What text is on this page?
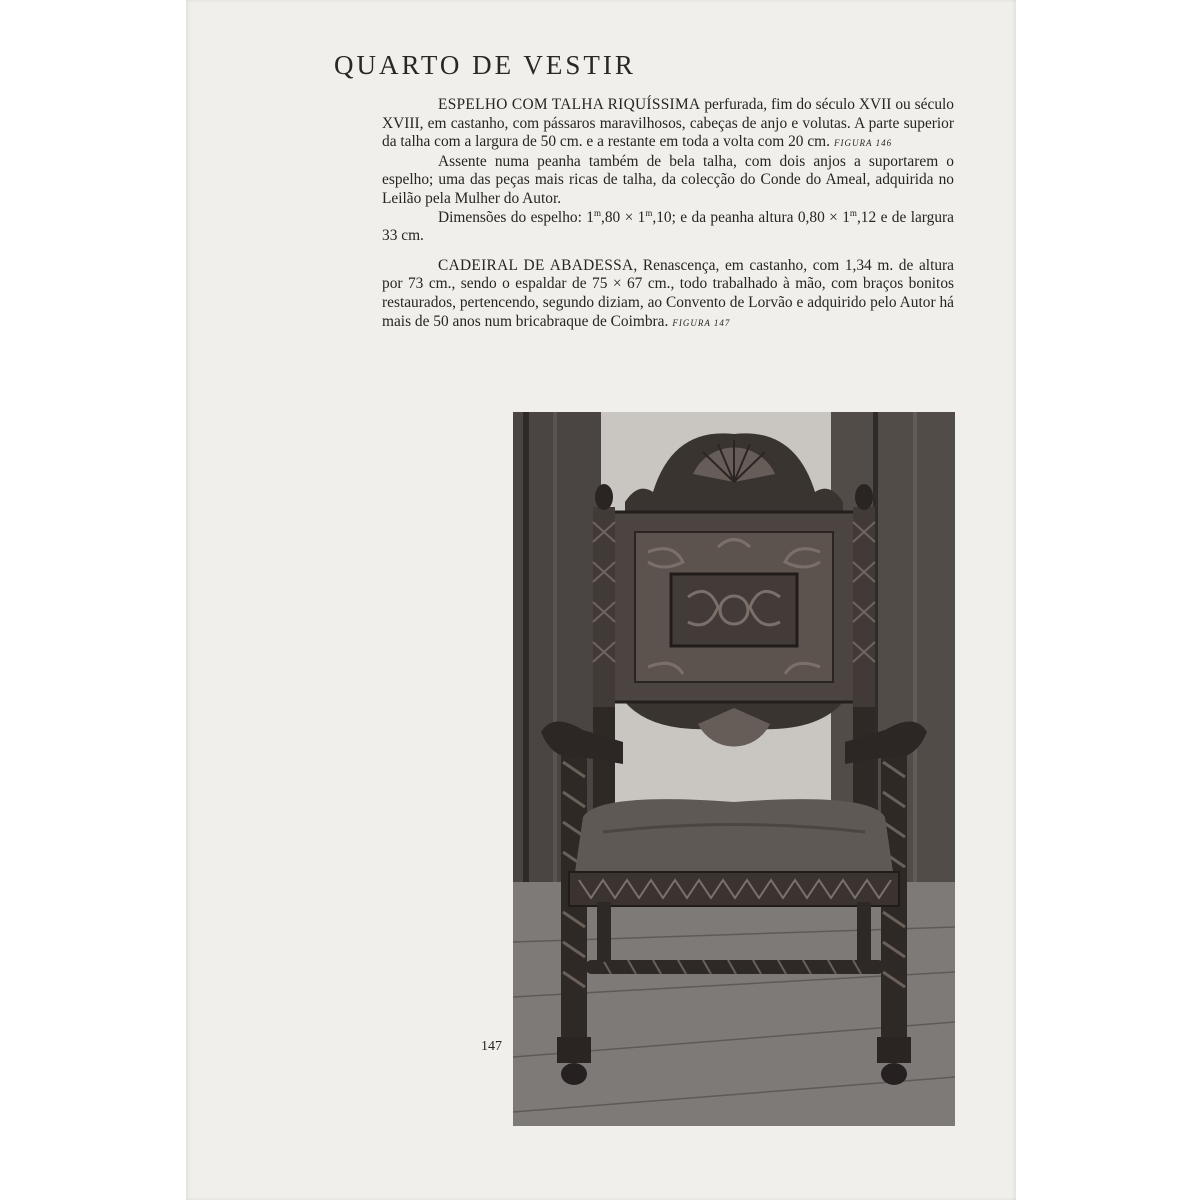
QUARTO DE VESTIR

ESPELHO COM TALHA RIQUÍSSIMA perfurada, fim do século XVII ou século XVIII, em castanho, com pássaros maravilhosos, cabeças de anjo e volutas. A parte superior da talha com a largura de 50 cm. e a restante em toda a volta com 20 cm. FIGURA 146

Assente numa peanha também de bela talha, com dois anjos a suportarem o espelho; uma das peças mais ricas de talha, da colecção do Conde do Ameal, adquirida no Leilão pela Mulher do Autor.

Dimensões do espelho: $1^m,80 \times 1^m,10$; e da peanha altura $0,80 \times 1^m,12$ e de largura 33 cm.

CADEIRAL DE ABADESSA, Renascença, em castanho, com 1,34 m. de altura por 73 cm., sendo o espaldar de 75 × 67 cm., todo trabalhado à mão, com braços bonitos restaurados, pertencendo, segundo diziam, ao Convento de Lorvão e adquirido pelo Autor há mais de 50 anos num bricabraque de Coimbra. FIGURA 147

147
